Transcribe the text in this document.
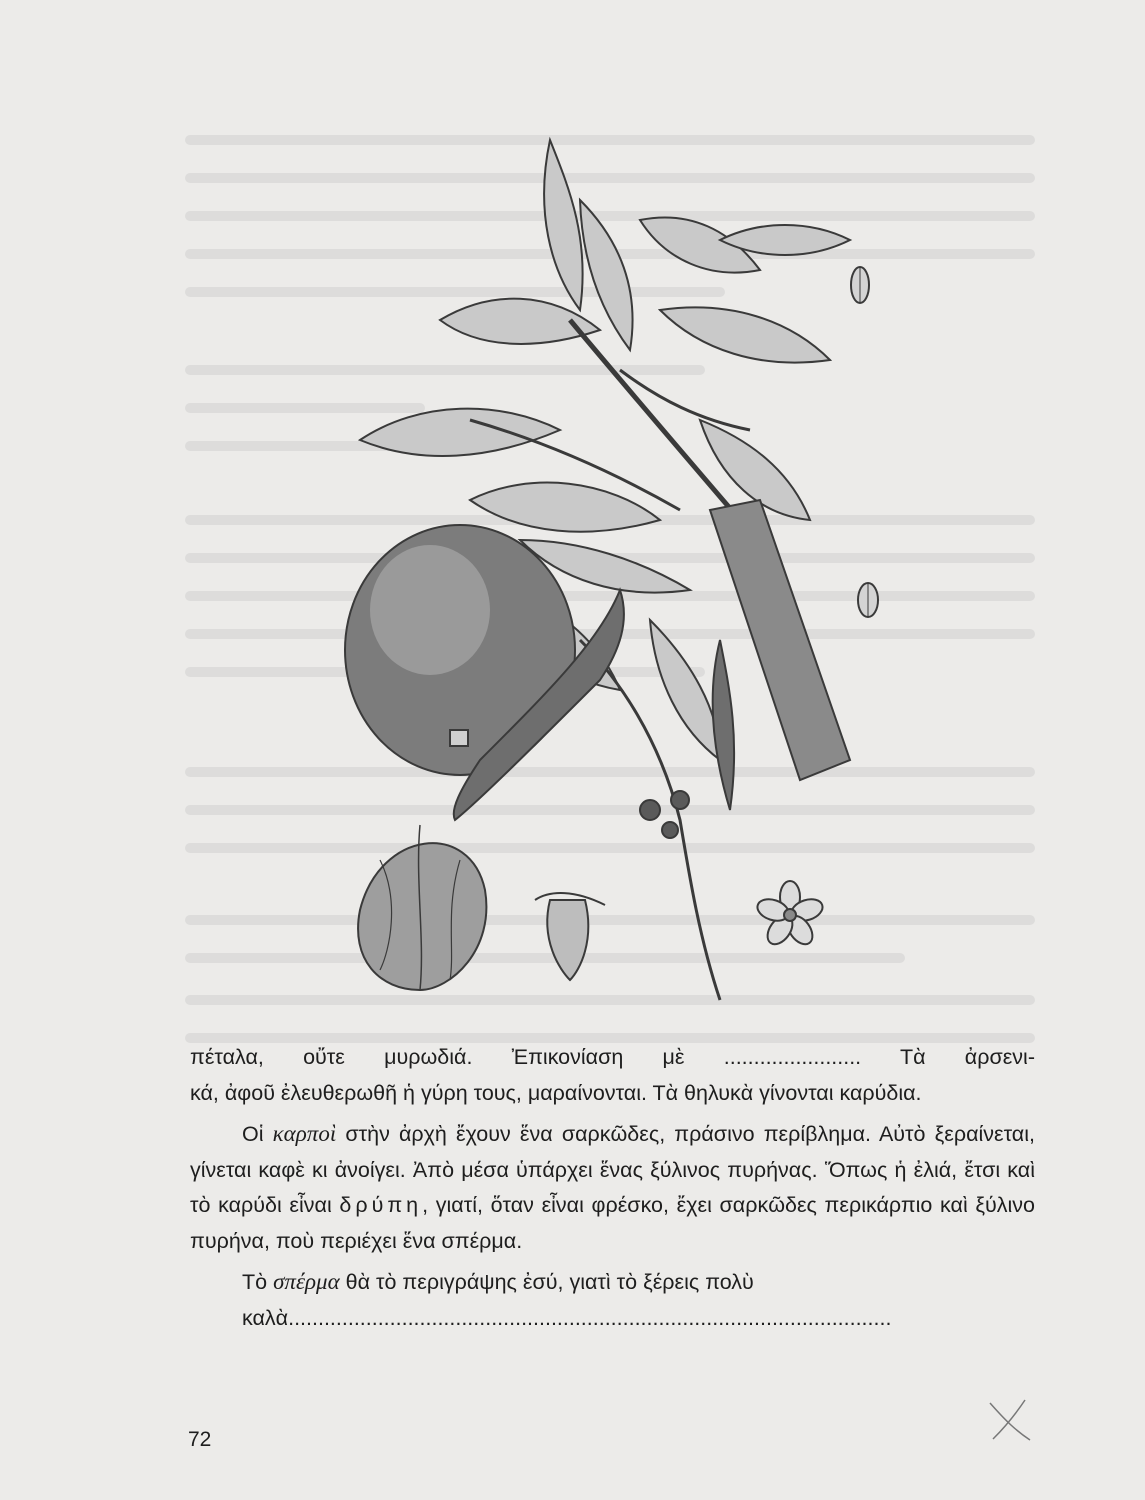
πέταλα, οὔτε μυρωδιά. Ἐπικονίαση μὲ ....................... Τὰ ἀρσενι-
κά, ἀφοῦ ἐλευθερωθῆ ἡ γύρη τους, μαραίνονται. Τὰ θηλυκὰ γίνονται καρύδια.

Οἱ καρποὶ στὴν ἀρχὴ ἔχουν ἕνα σαρκῶδες, πράσινο περίβλημα. Αὐτὸ ξεραίνεται, γίνεται καφὲ κι ἀνοίγει. Ἀπὸ μέσα ὑπάρχει ἕνας ξύλινος πυρήνας. Ὅπως ἡ ἐλιά, ἔτσι καὶ τὸ καρύδι εἶναι δρύπη, γιατί, ὅταν εἶναι φρέσκο, ἔχει σαρκῶδες περικάρπιο καὶ ξύλινο πυρήνα, ποὺ περιέχει ἕνα σπέρμα.

Τὸ σπέρμα θὰ τὸ περιγράψης ἐσύ, γιατὶ τὸ ξέρεις πολὺ
καλὰ.....................................................................................................

72
